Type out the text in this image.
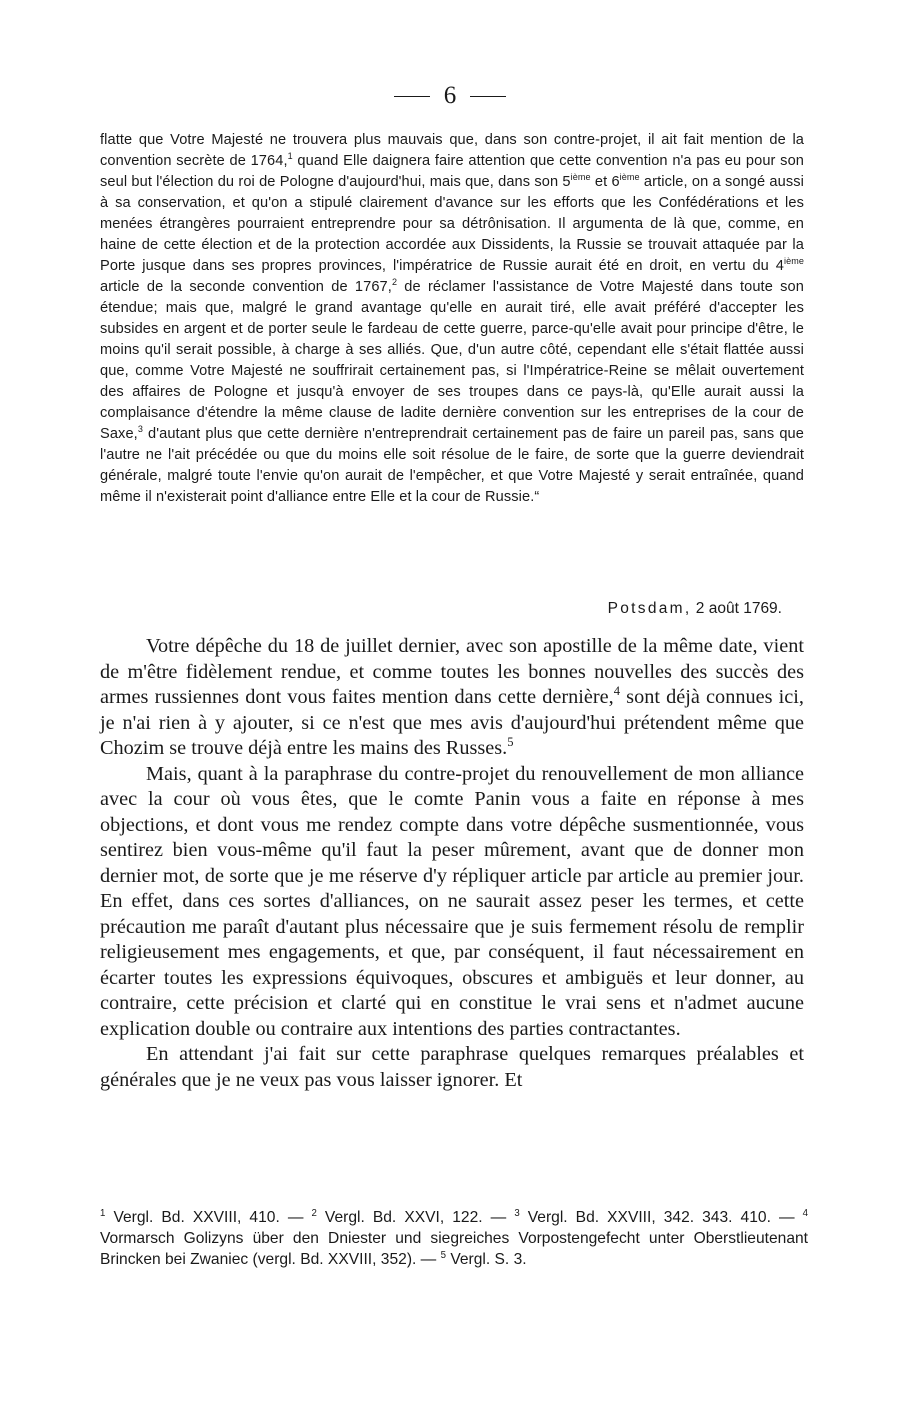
6

flatte que Votre Majesté ne trouvera plus mauvais que, dans son contre-projet, il ait fait mention de la convention secrète de 1764,$^1$ quand Elle daignera faire attention que cette convention n'a pas eu pour son seul but l'élection du roi de Pologne d'aujourd'hui, mais que, dans son 5ième et 6ième article, on a songé aussi à sa conservation, et qu'on a stipulé clairement d'avance sur les efforts que les Confédérations et les menées étrangères pourraient entreprendre pour sa détrônisation. Il argumenta de là que, comme, en haine de cette élection et de la protection accordée aux Dissidents, la Russie se trouvait attaquée par la Porte jusque dans ses propres provinces, l'impératrice de Russie aurait été en droit, en vertu du 4ième article de la seconde convention de 1767,$^2$ de réclamer l'assistance de Votre Majesté dans toute son étendue; mais que, malgré le grand avantage qu'elle en aurait tiré, elle avait préféré d'accepter les subsides en argent et de porter seule le fardeau de cette guerre, parce-qu'elle avait pour principe d'être, le moins qu'il serait possible, à charge à ses alliés. Que, d'un autre côté, cependant elle s'était flattée aussi que, comme Votre Majesté ne souffrirait certainement pas, si l'Impératrice-Reine se mêlait ouvertement des affaires de Pologne et jusqu'à envoyer de ses troupes dans ce pays-là, qu'Elle aurait aussi la complaisance d'étendre la même clause de ladite dernière convention sur les entreprises de la cour de Saxe,$^3$ d'autant plus que cette dernière n'entreprendrait certainement pas de faire un pareil pas, sans que l'autre ne l'ait précédée ou que du moins elle soit résolue de le faire, de sorte que la guerre deviendrait générale, malgré toute l'envie qu'on aurait de l'empêcher, et que Votre Majesté y serait entraînée, quand même il n'existerait point d'alliance entre Elle et la cour de Russie.“

Potsdam, 2 août 1769.

Votre dépêche du 18 de juillet dernier, avec son apostille de la même date, vient de m'être fidèlement rendue, et comme toutes les bonnes nouvelles des succès des armes russiennes dont vous faites mention dans cette dernière,$^4$ sont déjà connues ici, je n'ai rien à y ajouter, si ce n'est que mes avis d'aujourd'hui prétendent même que Chozim se trouve déjà entre les mains des Russes.$^5$

Mais, quant à la paraphrase du contre-projet du renouvellement de mon alliance avec la cour où vous êtes, que le comte Panin vous a faite en réponse à mes objections, et dont vous me rendez compte dans votre dépêche susmentionnée, vous sentirez bien vous-même qu'il faut la peser mûrement, avant que de donner mon dernier mot, de sorte que je me réserve d'y répliquer article par article au premier jour. En effet, dans ces sortes d'alliances, on ne saurait assez peser les termes, et cette précaution me paraît d'autant plus nécessaire que je suis fermement résolu de remplir religieusement mes engagements, et que, par conséquent, il faut nécessairement en écarter toutes les expressions équivoques, obscures et ambiguës et leur donner, au contraire, cette précision et clarté qui en constitue le vrai sens et n'admet aucune explication double ou contraire aux intentions des parties contractantes.

En attendant j'ai fait sur cette paraphrase quelques remarques préalables et générales que je ne veux pas vous laisser ignorer. Et

$^1$ Vergl. Bd. XXVIII, 410. — $^2$ Vergl. Bd. XXVI, 122. — $^3$ Vergl. Bd. XXVIII, 342. 343. 410. — $^4$ Vormarsch Golizyns über den Dniester und siegreiches Vorpostengefecht unter Oberstlieutenant Brincken bei Zwaniec (vergl. Bd. XXVIII, 352). — $^5$ Vergl. S. 3.
